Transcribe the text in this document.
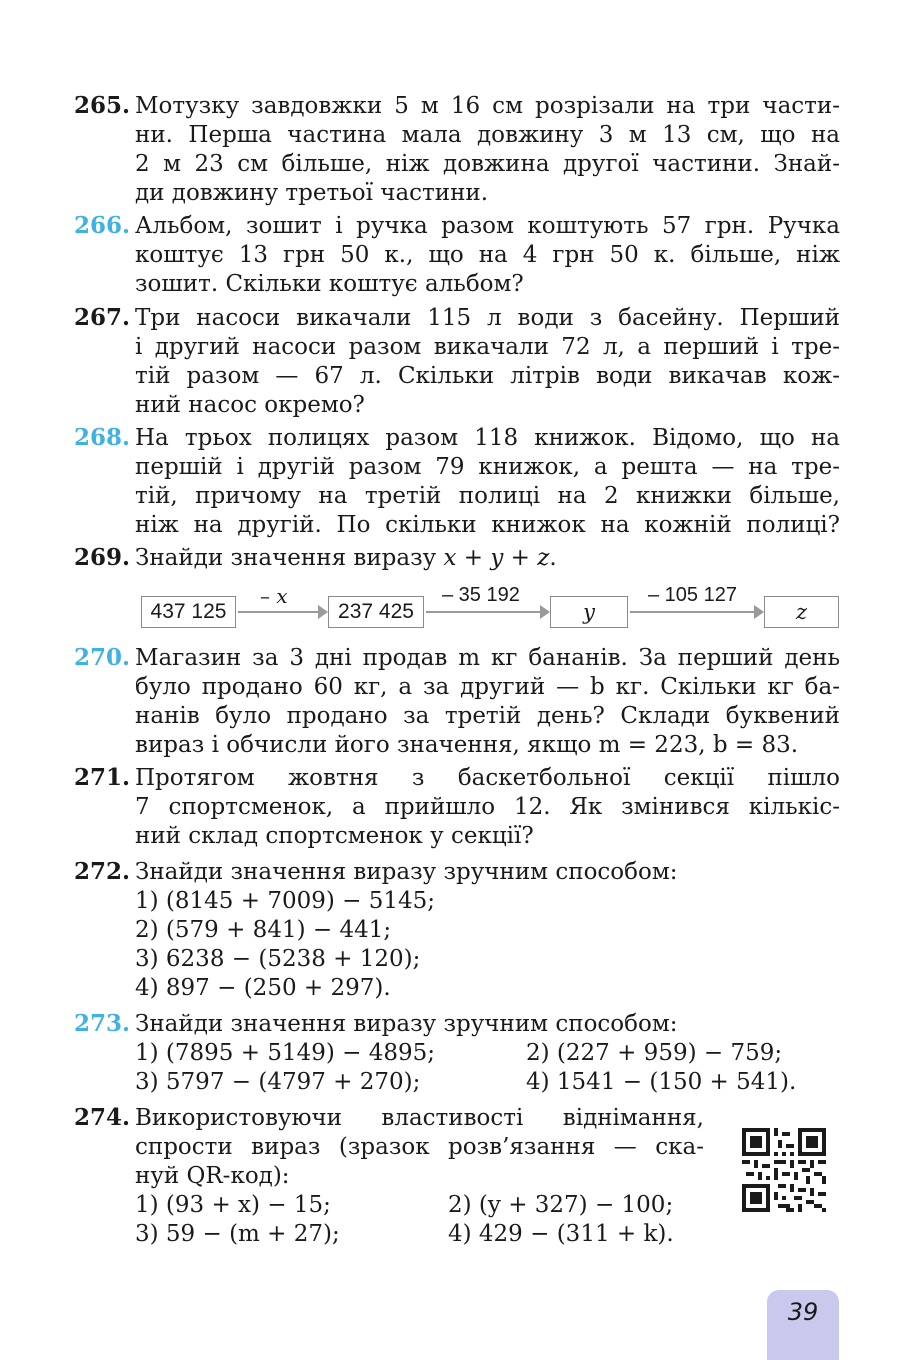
265. Мотузку завдовжки 5 м 16 см розрізали на три части-
ни. Перша частина мала довжину 3 м 13 см, що на
2 м 23 см більше, ніж довжина другої частини. Знай-
ди довжину третьої частини.
266. Альбом, зошит і ручка разом коштують 57 грн. Ручка
коштує 13 грн 50 к., що на 4 грн 50 к. більше, ніж
зошит. Скільки коштує альбом?
267. Три насоси викачали 115 л води з басейну. Перший
і другий насоси разом викачали 72 л, а перший і тре-
тій разом — 67 л. Скільки літрів води викачав кож-
ний насос окремо?
268. На трьох полицях разом 118 книжок. Відомо, що на
першій і другій разом 79 книжок, а решта — на тре-
тій, причому на третій полиці на 2 книжки більше,
ніж на другій. По скільки книжок на кожній полиці?
269. Знайди значення виразу x + y + z.
437 125
– x
237 425
– 35 192
y
– 105 127
z
270. Магазин за 3 дні продав m кг бананів. За перший день
було продано 60 кг, а за другий — b кг. Скільки кг ба-
нанів було продано за третій день? Склади буквений
вираз і обчисли його значення, якщо m = 223, b = 83.
271. Протягом жовтня з баскетбольної секції пішло
7 спортсменок, а прийшло 12. Як змінився кількіс-
ний склад спортсменок у секції?
272. Знайди значення виразу зручним способом:
1) (8145 + 7009) − 5145;
2) (579 + 841) − 441;
3) 6238 − (5238 + 120);
4) 897 − (250 + 297).
273. Знайди значення виразу зручним способом:
1) (7895 + 5149) − 4895;	2) (227 + 959) − 759;
3) 5797 − (4797 + 270);	4) 1541 − (150 + 541).
274. Використовуючи властивості віднімання,
спрости вираз (зразок розв’язання — ска-
нуй QR-код):
1) (93 + x) − 15;	2) (y + 327) − 100;
3) 59 − (m + 27);	4) 429 − (311 + k).
39
